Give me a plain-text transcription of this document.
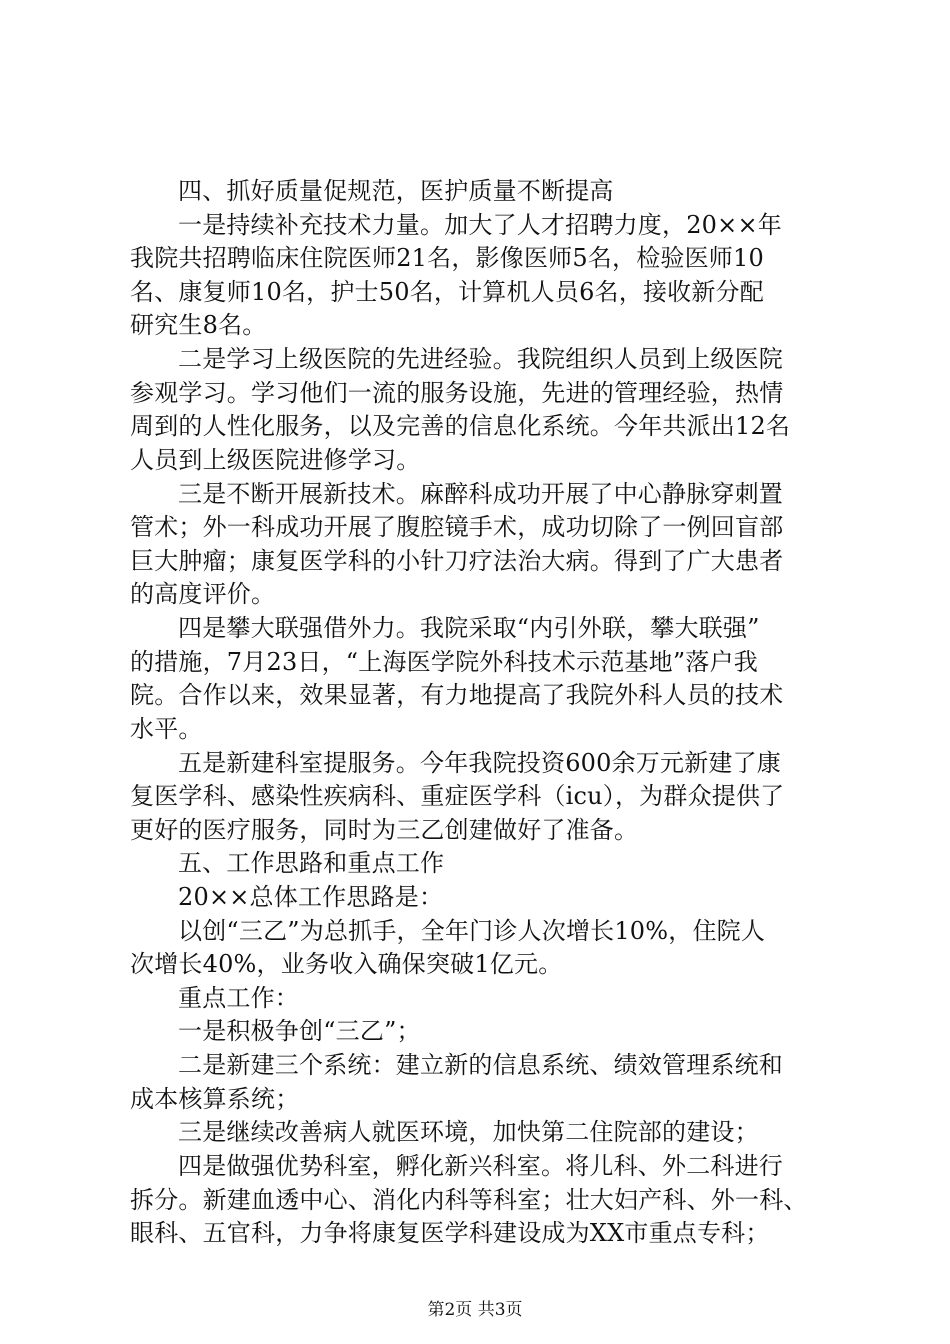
四、抓好质量促规范，医护质量不断提高
一是持续补充技术力量。加大了人才招聘力度，20××年
我院共招聘临床住院医师21名，影像医师5名，检验医师10
名、康复师10名，护士50名，计算机人员6名，接收新分配
研究生8名。
二是学习上级医院的先进经验。我院组织人员到上级医院
参观学习。学习他们一流的服务设施，先进的管理经验，热情
周到的人性化服务，以及完善的信息化系统。今年共派出12名
人员到上级医院进修学习。
三是不断开展新技术。麻醉科成功开展了中心静脉穿刺置
管术；外一科成功开展了腹腔镜手术，成功切除了一例回盲部
巨大肿瘤；康复医学科的小针刀疗法治大病。得到了广大患者
的高度评价。
四是攀大联强借外力。我院采取“内引外联，攀大联强”
的措施，7月23日，“上海医学院外科技术示范基地”落户我
院。合作以来，效果显著，有力地提高了我院外科人员的技术
水平。
五是新建科室提服务。今年我院投资600余万元新建了康
复医学科、感染性疾病科、重症医学科（icu），为群众提供了
更好的医疗服务，同时为三乙创建做好了准备。
五、工作思路和重点工作
20××总体工作思路是：
以创“三乙”为总抓手，全年门诊人次增长10%，住院人
次增长40%，业务收入确保突破1亿元。
重点工作：
一是积极争创“三乙”；
二是新建三个系统：建立新的信息系统、绩效管理系统和
成本核算系统；
三是继续改善病人就医环境，加快第二住院部的建设；
四是做强优势科室，孵化新兴科室。将儿科、外二科进行
拆分。新建血透中心、消化内科等科室；壮大妇产科、外一科、
眼科、五官科，力争将康复医学科建设成为XX市重点专科；
第2页 共3页
